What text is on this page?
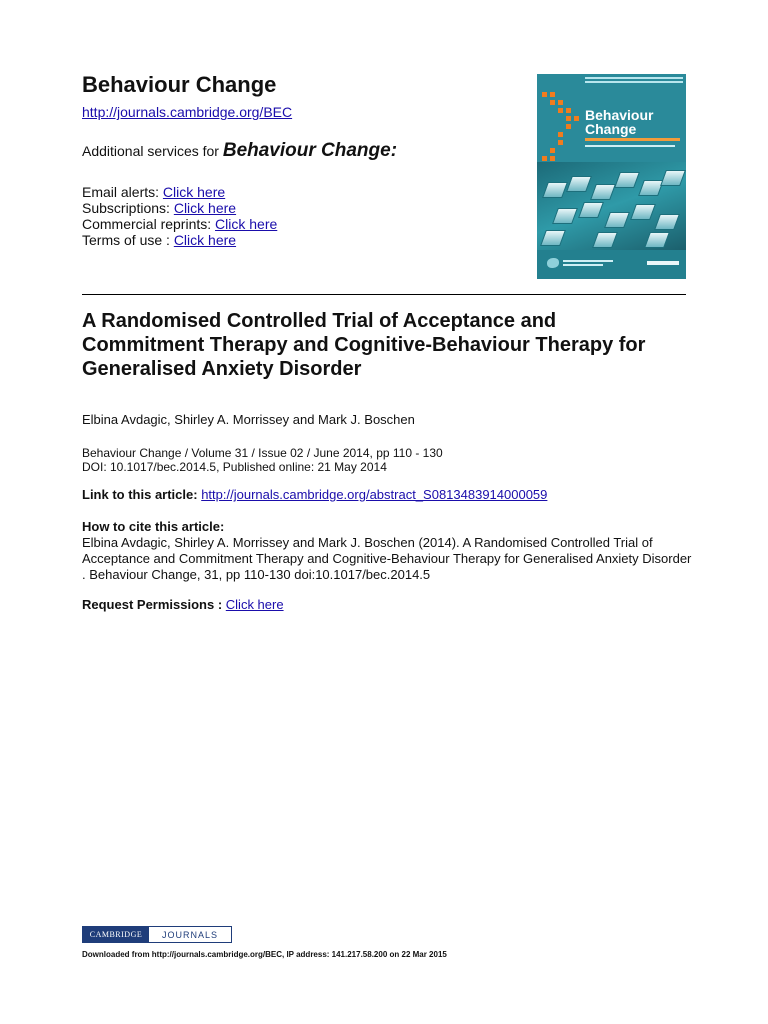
Behaviour Change
http://journals.cambridge.org/BEC
Additional services for Behaviour Change:
Email alerts: Click here
Subscriptions: Click here
Commercial reprints: Click here
Terms of use : Click here
Behaviour
Change
A Randomised Controlled Trial of Acceptance and Commitment Therapy and Cognitive-Behaviour Therapy for Generalised Anxiety Disorder
Elbina Avdagic, Shirley A. Morrissey and Mark J. Boschen
Behaviour Change / Volume 31 / Issue 02 / June 2014, pp 110 - 130
DOI: 10.1017/bec.2014.5, Published online: 21 May 2014
Link to this article: http://journals.cambridge.org/abstract_S0813483914000059
How to cite this article:
Elbina Avdagic, Shirley A. Morrissey and Mark J. Boschen (2014). A Randomised Controlled Trial of Acceptance and Commitment Therapy and Cognitive-Behaviour Therapy for Generalised Anxiety Disorder . Behaviour Change, 31, pp 110-130 doi:10.1017/bec.2014.5
Request Permissions : Click here
CAMBRIDGE	JOURNALS
Downloaded from http://journals.cambridge.org/BEC, IP address: 141.217.58.200 on 22 Mar 2015
